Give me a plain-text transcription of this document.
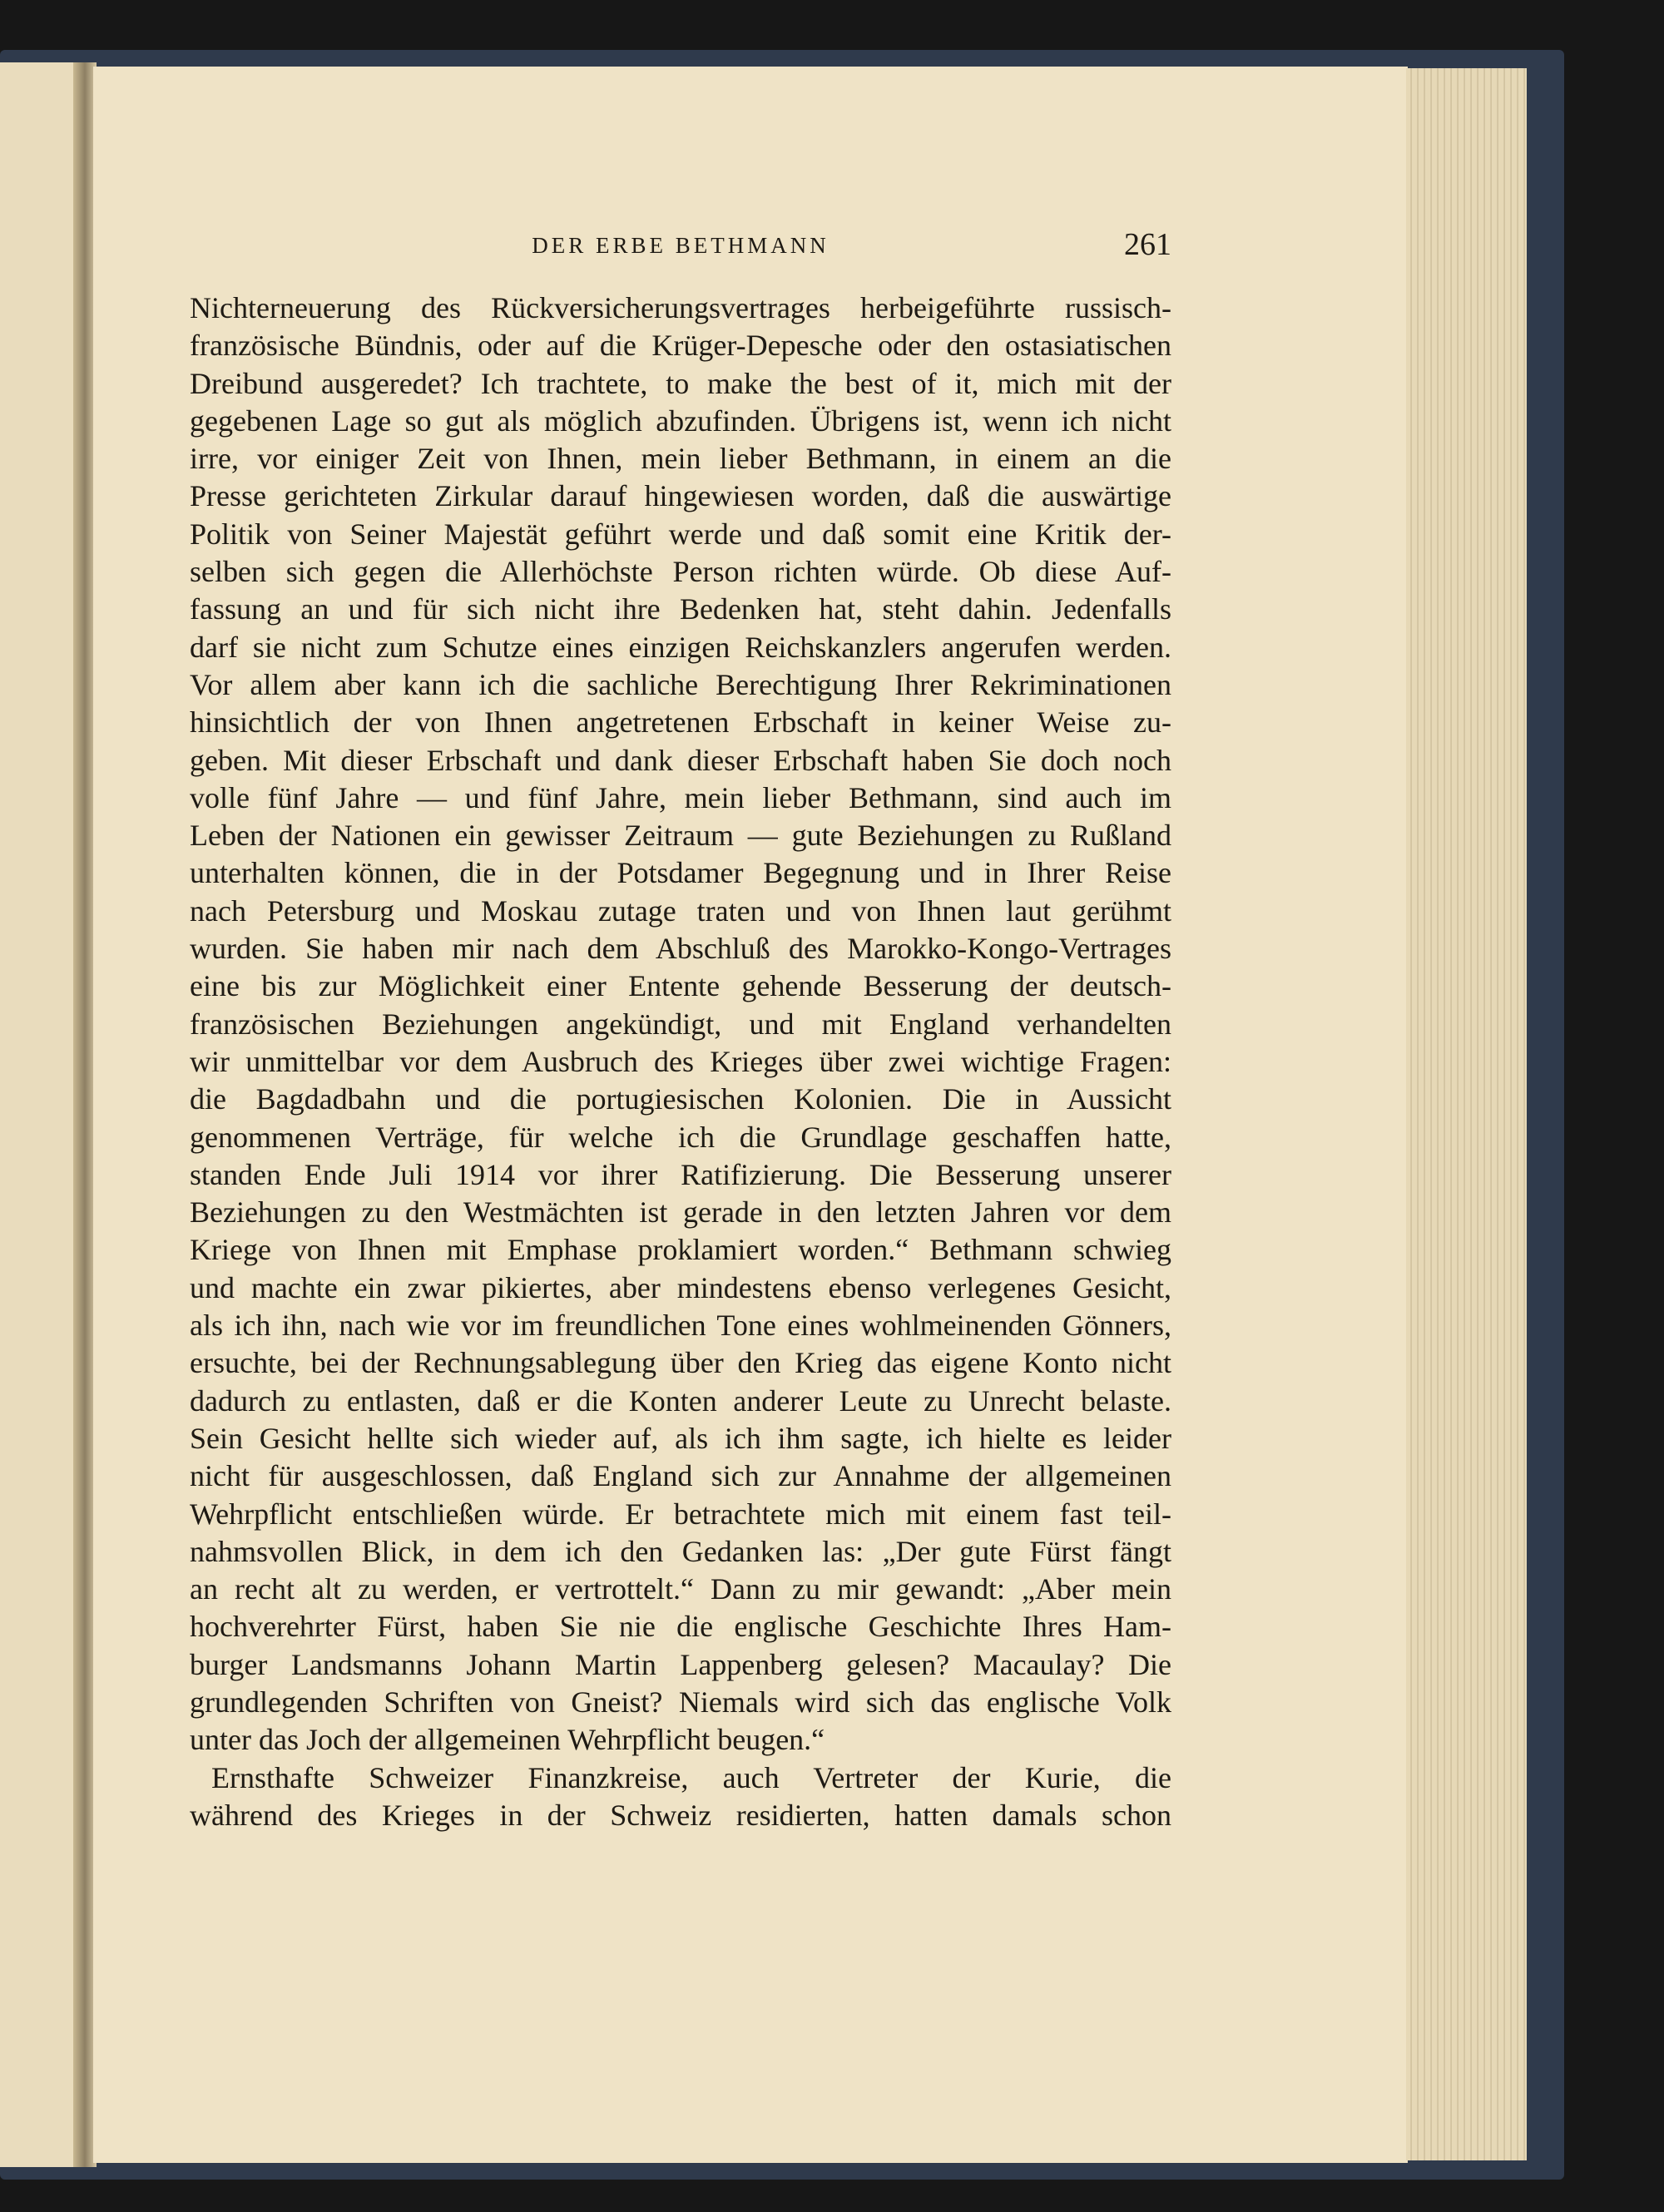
DER ERBE BETHMANN	261
Nichterneuerung des Rückversicherungsvertrages herbeigeführte russisch-
französische Bündnis, oder auf die Krüger-Depesche oder den ostasiatischen
Dreibund ausgeredet? Ich trachtete, to make the best of it, mich mit der
gegebenen Lage so gut als möglich abzufinden. Übrigens ist, wenn ich nicht
irre, vor einiger Zeit von Ihnen, mein lieber Bethmann, in einem an die
Presse gerichteten Zirkular darauf hingewiesen worden, daß die auswärtige
Politik von Seiner Majestät geführt werde und daß somit eine Kritik der-
selben sich gegen die Allerhöchste Person richten würde. Ob diese Auf-
fassung an und für sich nicht ihre Bedenken hat, steht dahin. Jedenfalls
darf sie nicht zum Schutze eines einzigen Reichskanzlers angerufen werden.
Vor allem aber kann ich die sachliche Berechtigung Ihrer Rekriminationen
hinsichtlich der von Ihnen angetretenen Erbschaft in keiner Weise zu-
geben. Mit dieser Erbschaft und dank dieser Erbschaft haben Sie doch noch
volle fünf Jahre — und fünf Jahre, mein lieber Bethmann, sind auch im
Leben der Nationen ein gewisser Zeitraum — gute Beziehungen zu Rußland
unterhalten können, die in der Potsdamer Begegnung und in Ihrer Reise
nach Petersburg und Moskau zutage traten und von Ihnen laut gerühmt
wurden. Sie haben mir nach dem Abschluß des Marokko-Kongo-Vertrages
eine bis zur Möglichkeit einer Entente gehende Besserung der deutsch-
französischen Beziehungen angekündigt, und mit England verhandelten
wir unmittelbar vor dem Ausbruch des Krieges über zwei wichtige Fragen:
die Bagdadbahn und die portugiesischen Kolonien. Die in Aussicht
genommenen Verträge, für welche ich die Grundlage geschaffen hatte,
standen Ende Juli 1914 vor ihrer Ratifizierung. Die Besserung unserer
Beziehungen zu den Westmächten ist gerade in den letzten Jahren vor dem
Kriege von Ihnen mit Emphase proklamiert worden.“ Bethmann schwieg
und machte ein zwar pikiertes, aber mindestens ebenso verlegenes Gesicht,
als ich ihn, nach wie vor im freundlichen Tone eines wohlmeinenden Gönners,
ersuchte, bei der Rechnungsablegung über den Krieg das eigene Konto nicht
dadurch zu entlasten, daß er die Konten anderer Leute zu Unrecht belaste.
Sein Gesicht hellte sich wieder auf, als ich ihm sagte, ich hielte es leider
nicht für ausgeschlossen, daß England sich zur Annahme der allgemeinen
Wehrpflicht entschließen würde. Er betrachtete mich mit einem fast teil-
nahmsvollen Blick, in dem ich den Gedanken las: „Der gute Fürst fängt
an recht alt zu werden, er vertrottelt.“ Dann zu mir gewandt: „Aber mein
hochverehrter Fürst, haben Sie nie die englische Geschichte Ihres Ham-
burger Landsmanns Johann Martin Lappenberg gelesen? Macaulay? Die
grundlegenden Schriften von Gneist? Niemals wird sich das englische Volk
unter das Joch der allgemeinen Wehrpflicht beugen.“
Ernsthafte Schweizer Finanzkreise, auch Vertreter der Kurie, die
während des Krieges in der Schweiz residierten, hatten damals schon
